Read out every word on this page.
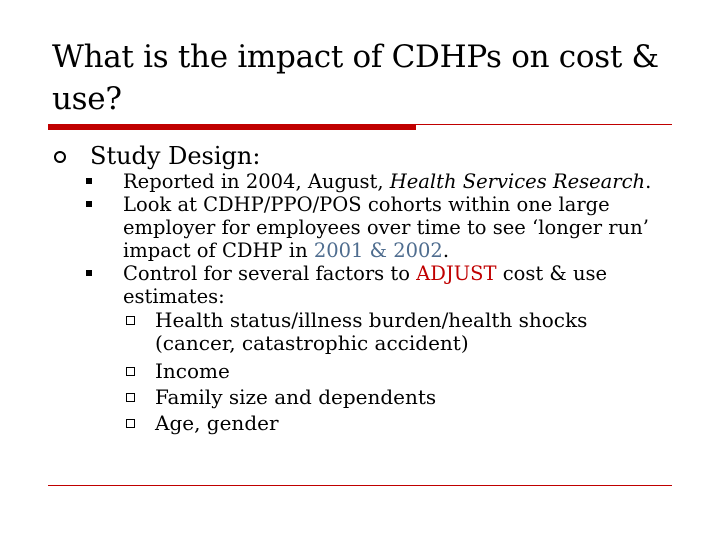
What is the impact of CDHPs on cost & use?
Study Design:
Reported in 2004, August, Health Services Research.
Look at CDHP/PPO/POS cohorts within one large employer for employees over time to see ‘longer run’ impact of CDHP in 2001 & 2002.
Control for several factors to ADJUST cost & use estimates:
Health status/illness burden/health shocks (cancer, catastrophic accident)
Income
Family size and dependents
Age, gender
